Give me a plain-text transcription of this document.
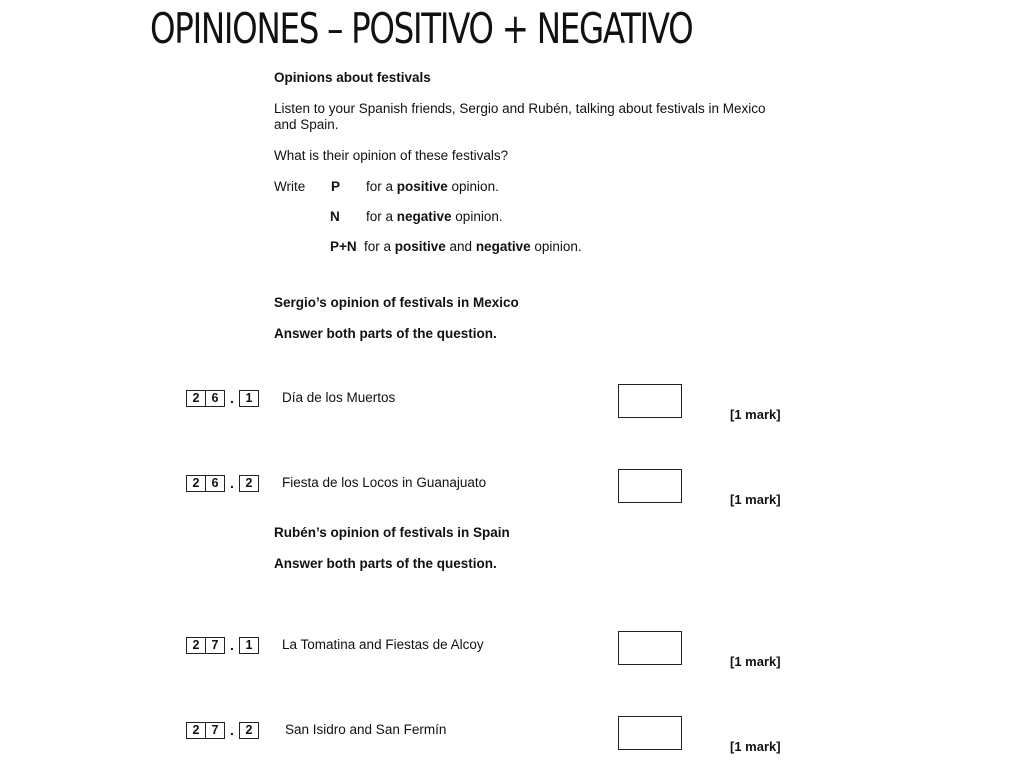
OPINIONES – POSITIVO + NEGATIVO
Opinions about festivals
Listen to your Spanish friends, Sergio and Rubén, talking about festivals in Mexico and Spain.
What is their opinion of these festivals?
Write P for a positive opinion.
N for a negative opinion.
P+N for a positive and negative opinion.
Sergio’s opinion of festivals in Mexico
Answer both parts of the question.
2 6 . 1	Día de los Muertos
[1 mark]
2 6 . 2	Fiesta de los Locos in Guanajuato
[1 mark]
Rubén’s opinion of festivals in Spain
Answer both parts of the question.
2 7 . 1	La Tomatina and Fiestas de Alcoy
[1 mark]
2 7 . 2	San Isidro and San Fermín
[1 mark]
